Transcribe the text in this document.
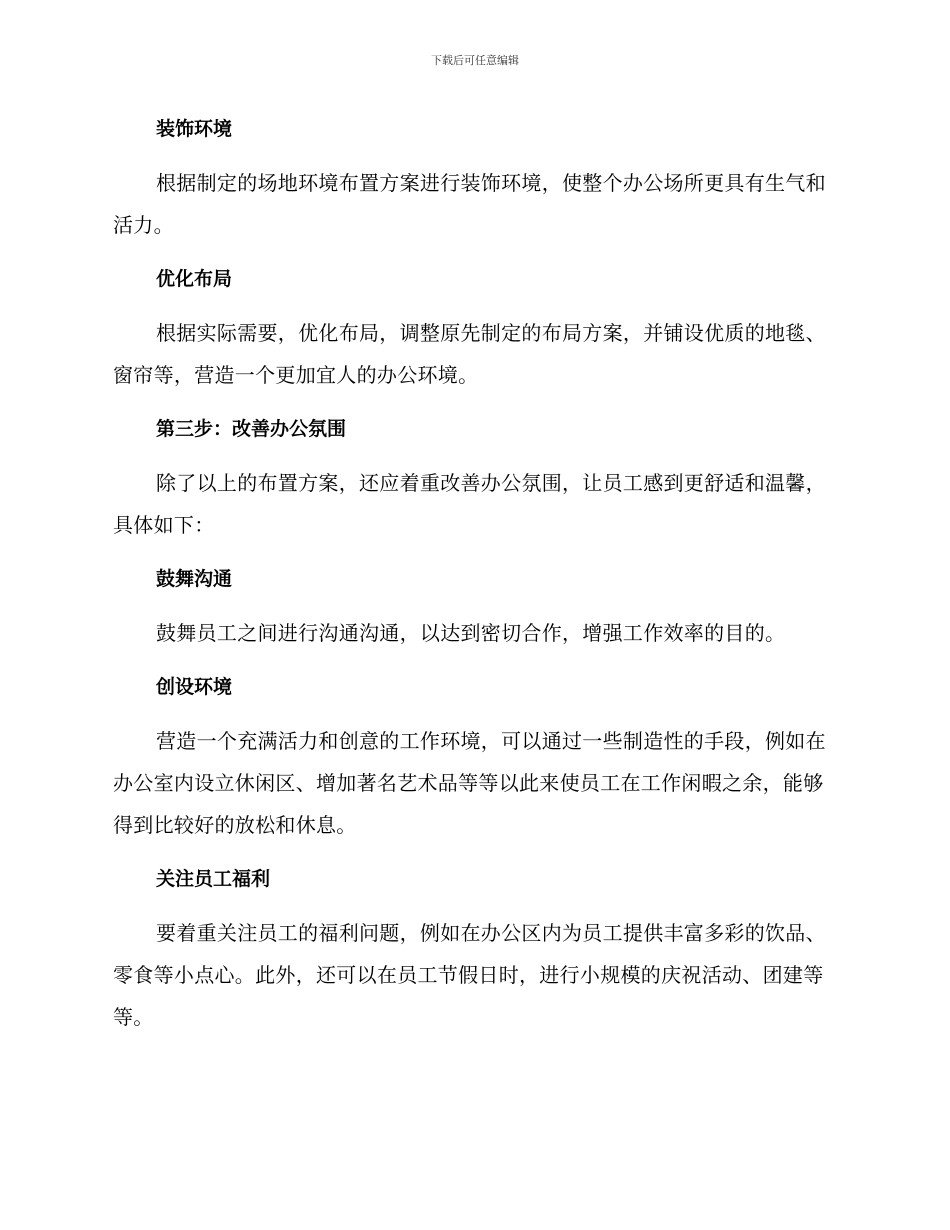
下载后可任意编辑
装饰环境
根据制定的场地环境布置方案进行装饰环境，使整个办公场所更具有生气和活力。
优化布局
根据实际需要，优化布局，调整原先制定的布局方案，并铺设优质的地毯、窗帘等，营造一个更加宜人的办公环境。
第三步：改善办公氛围
除了以上的布置方案，还应着重改善办公氛围，让员工感到更舒适和温馨，具体如下：
鼓舞沟通
鼓舞员工之间进行沟通沟通，以达到密切合作，增强工作效率的目的。
创设环境
营造一个充满活力和创意的工作环境，可以通过一些制造性的手段，例如在办公室内设立休闲区、增加著名艺术品等等以此来使员工在工作闲暇之余，能够得到比较好的放松和休息。
关注员工福利
要着重关注员工的福利问题，例如在办公区内为员工提供丰富多彩的饮品、零食等小点心。此外，还可以在员工节假日时，进行小规模的庆祝活动、团建等等。
